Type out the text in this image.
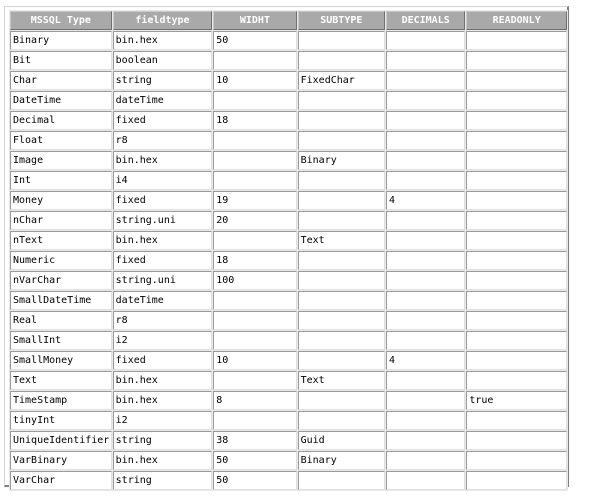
MSSQL Type	fieldtype	WIDHT	SUBTYPE	DECIMALS	READONLY
Binary	bin.hex	50			
Bit	boolean				
Char	string	10	FixedChar		
DateTime	dateTime				
Decimal	fixed	18			
Float	r8				
Image	bin.hex		Binary		
Int	i4				
Money	fixed	19		4	
nChar	string.uni	20			
nText	bin.hex		Text		
Numeric	fixed	18			
nVarChar	string.uni	100			
SmallDateTime	dateTime				
Real	r8				
SmallInt	i2				
SmallMoney	fixed	10		4	
Text	bin.hex		Text		
TimeStamp	bin.hex	8			true
tinyInt	i2				
UniqueIdentifier	string	38	Guid		
VarBinary	bin.hex	50	Binary		
VarChar	string	50			
